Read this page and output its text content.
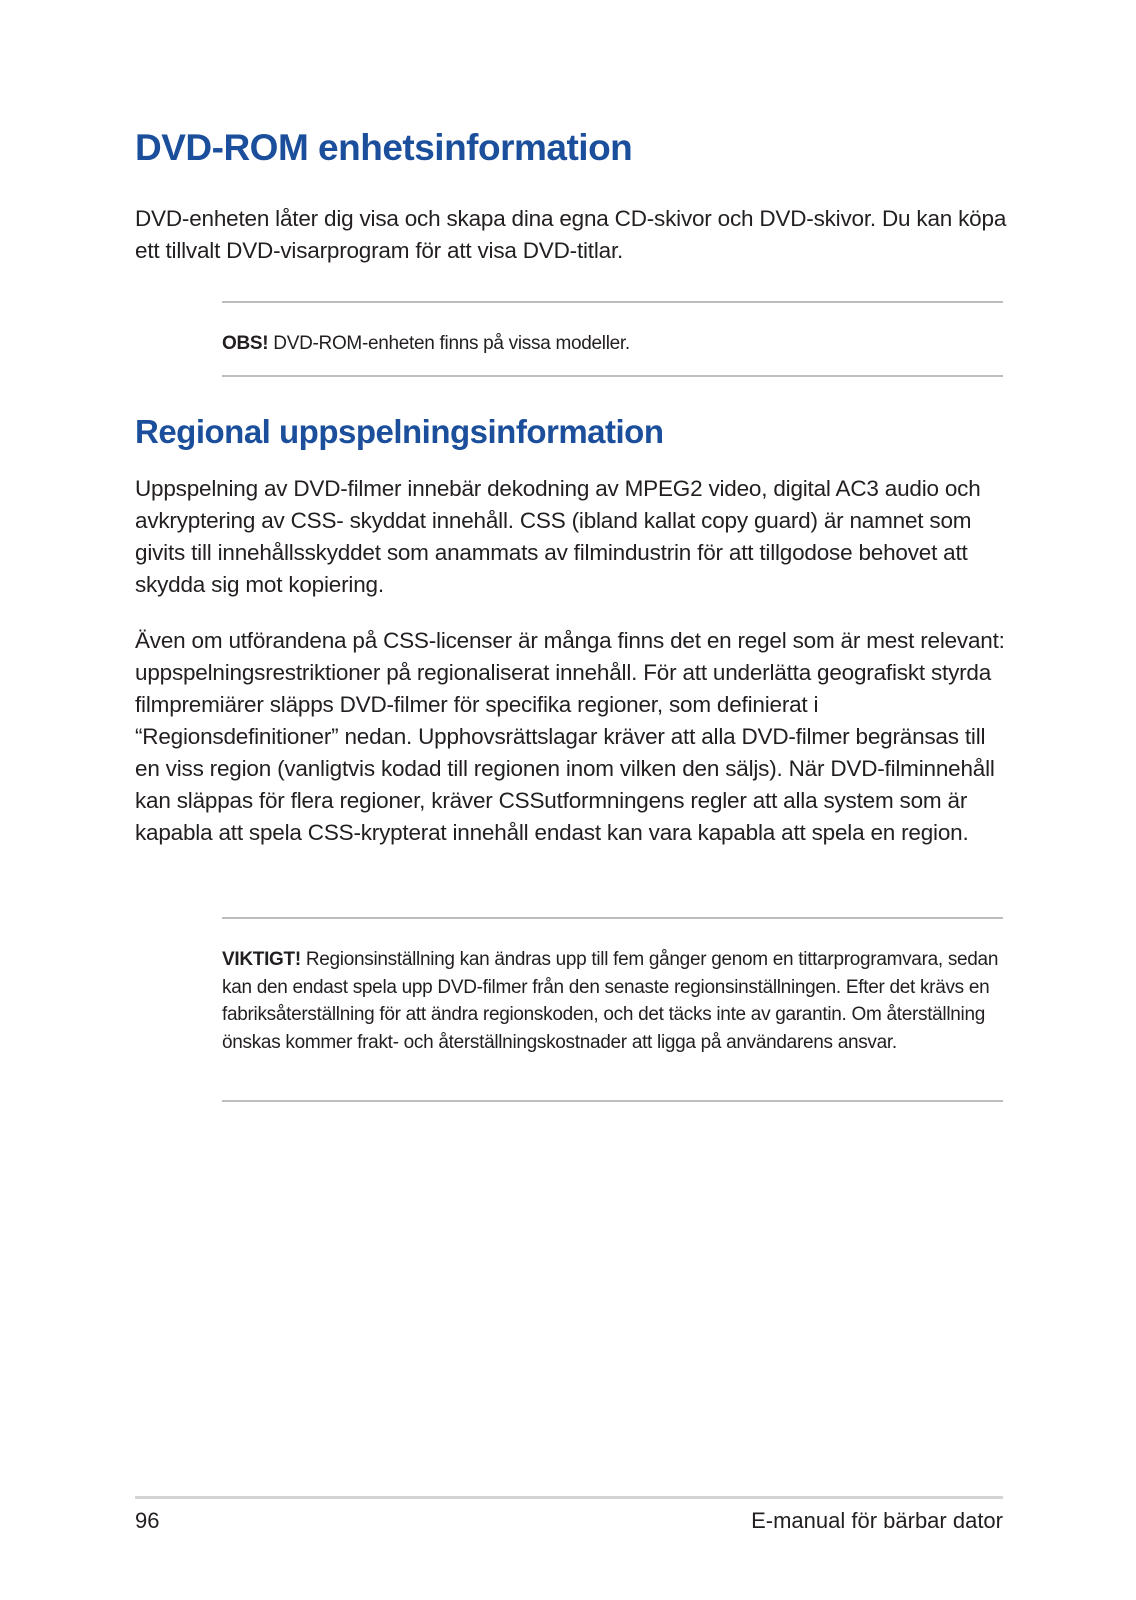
DVD-ROM enhetsinformation

DVD-enheten låter dig visa och skapa dina egna CD-skivor och DVD-skivor. Du kan köpa ett tillvalt DVD-visarprogram för att visa DVD-titlar.

OBS! DVD-ROM-enheten finns på vissa modeller.

Regional uppspelningsinformation

Uppspelning av DVD-filmer innebär dekodning av MPEG2 video, digital AC3 audio och avkryptering av CSS- skyddat innehåll. CSS (ibland kallat copy guard) är namnet som givits till innehållsskyddet som anammats av filmindustrin för att tillgodose behovet att skydda sig mot kopiering.

Även om utförandena på CSS-licenser är många finns det en regel som är mest relevant: uppspelningsrestriktioner på regionaliserat innehåll. För att underlätta geografiskt styrda filmpremiärer släpps DVD-filmer för specifika regioner, som definierat i “Regionsdefinitioner” nedan. Upphovsrättslagar kräver att alla DVD-filmer begränsas till en viss region (vanligtvis kodad till regionen inom vilken den säljs). När DVD-filminnehåll kan släppas för flera regioner, kräver CSSutformningens regler att alla system som är kapabla att spela CSS-krypterat innehåll endast kan vara kapabla att spela en region.

VIKTIGT! Regionsinställning kan ändras upp till fem gånger genom en tittarprogramvara, sedan kan den endast spela upp DVD-filmer från den senaste regionsinställningen. Efter det krävs en fabriksåterställning för att ändra regionskoden, och det täcks inte av garantin. Om återställning önskas kommer frakt- och återställningskostnader att ligga på användarens ansvar.

96	E-manual för bärbar dator
